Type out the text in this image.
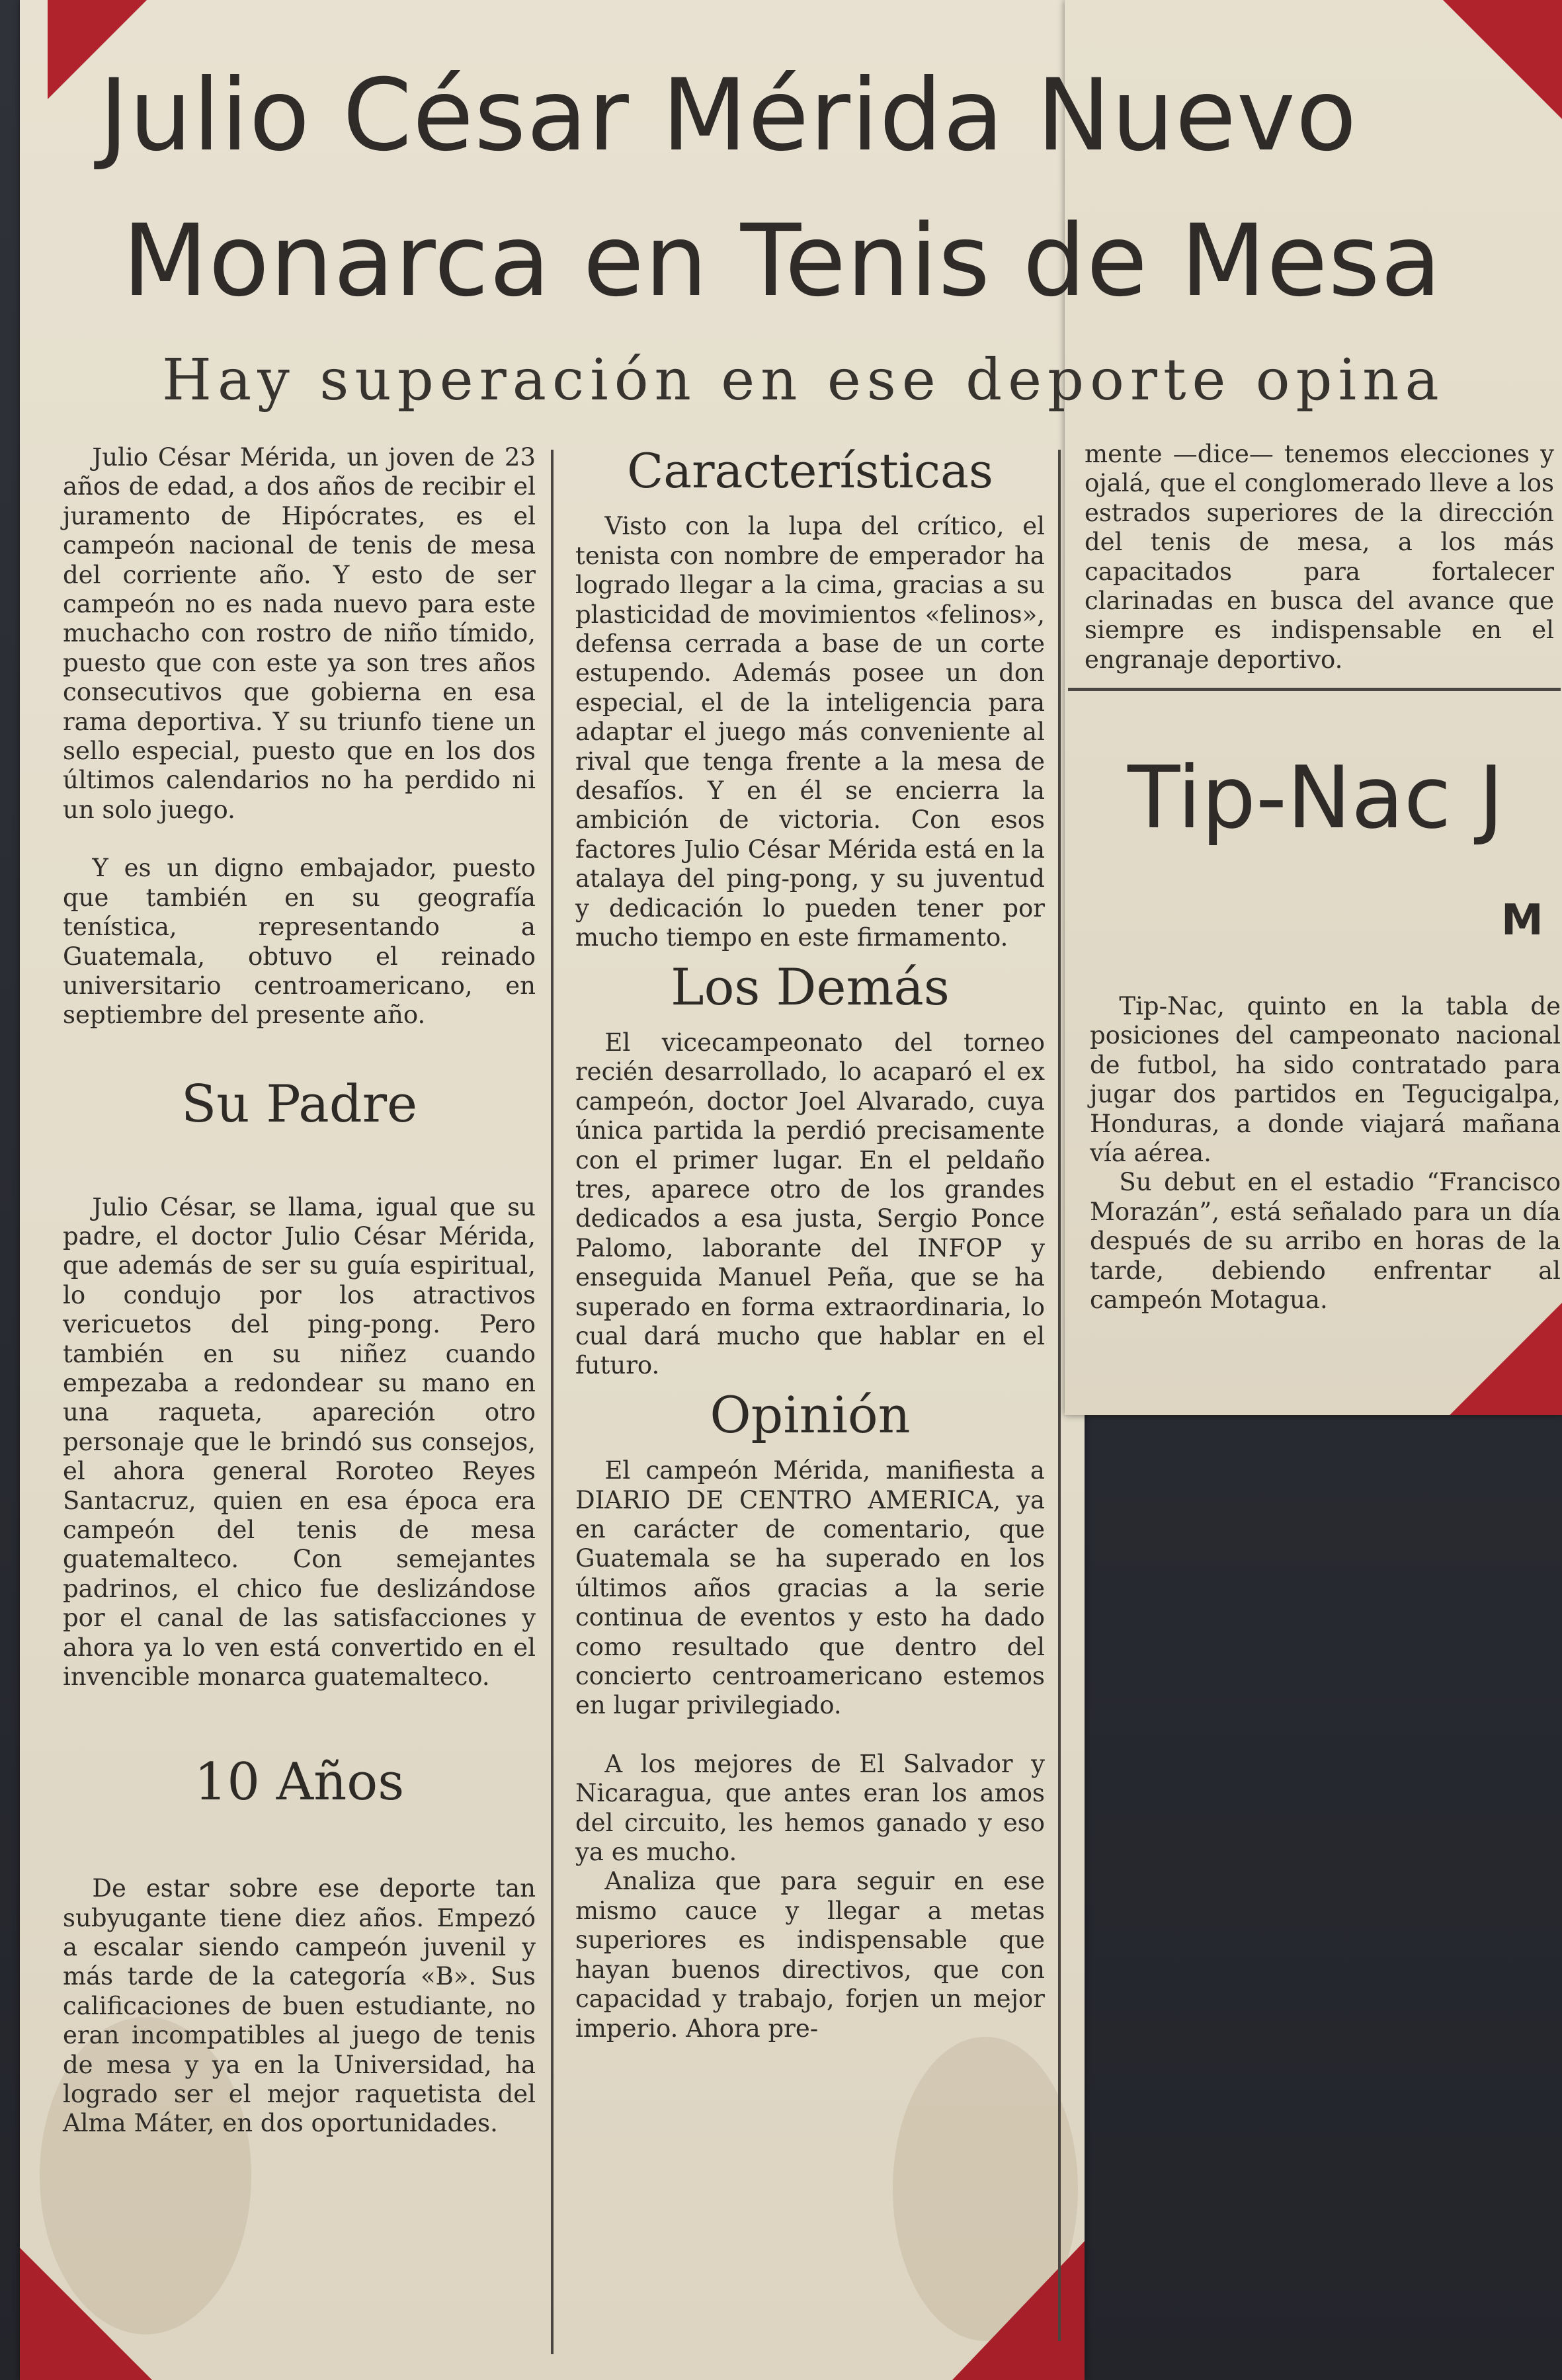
Julio César Mérida Nuevo
Monarca en Tenis de Mesa
Hay superación en ese deporte opina

Julio César Mérida, un joven de 23 años de edad, a dos años de recibir el juramento de Hipócrates, es el campeón nacional de tenis de mesa del corriente año. Y esto de ser campeón no es nada nuevo para este muchacho con rostro de niño tímido, puesto que con este ya son tres años consecutivos que gobierna en esa rama deportiva. Y su triunfo tiene un sello especial, puesto que en los dos últimos calendarios no ha perdido ni un solo juego.

Y es un digno embajador, puesto que también en su geografía tenística, representando a Guatemala, obtuvo el reinado universitario centroamericano, en septiembre del presente año.

Su Padre

Julio César, se llama, igual que su padre, el doctor Julio César Mérida, que además de ser su guía espiritual, lo condujo por los atractivos vericuetos del ping-pong. Pero también en su niñez cuando empezaba a redondear su mano en una raqueta, apareción otro personaje que le brindó sus consejos, el ahora general Roroteo Reyes Santacruz, quien en esa época era campeón del tenis de mesa guatemalteco. Con semejantes padrinos, el chico fue deslizándose por el canal de las satisfacciones y ahora ya lo ven está convertido en el invencible monarca guatemalteco.

10 Años

De estar sobre ese deporte tan subyugante tiene diez años. Empezó a escalar siendo campeón juvenil y más tarde de la categoría «B». Sus calificaciones de buen estudiante, no eran incompatibles al juego de tenis de mesa y ya en la Universidad, ha logrado ser el mejor raquetista del Alma Máter, en dos oportunidades.

Características

Visto con la lupa del crítico, el tenista con nombre de emperador ha logrado llegar a la cima, gracias a su plasticidad de movimientos «felinos», defensa cerrada a base de un corte estupendo. Además posee un don especial, el de la inteligencia para adaptar el juego más conveniente al rival que tenga frente a la mesa de desafíos. Y en él se encierra la ambición de victoria. Con esos factores Julio César Mérida está en la atalaya del ping-pong, y su juventud y dedicación lo pueden tener por mucho tiempo en este firmamento.

Los Demás

El vicecampeonato del torneo recién desarrollado, lo acaparó el ex campeón, doctor Joel Alvarado, cuya única partida la perdió precisamente con el primer lugar. En el peldaño tres, aparece otro de los grandes dedicados a esa justa, Sergio Ponce Palomo, laborante del INFOP y enseguida Manuel Peña, que se ha superado en forma extraordinaria, lo cual dará mucho que hablar en el futuro.

Opinión

El campeón Mérida, manifiesta a DIARIO DE CENTRO AMERICA, ya en carácter de comentario, que Guatemala se ha superado en los últimos años gracias a la serie continua de eventos y esto ha dado como resultado que dentro del concierto centroamericano estemos en lugar privilegiado.

A los mejores de El Salvador y Nicaragua, que antes eran los amos del circuito, les hemos ganado y eso ya es mucho.

Analiza que para seguir en ese mismo cauce y llegar a metas superiores es indispensable que hayan buenos directivos, que con capacidad y trabajo, forjen un mejor imperio. Ahora pre-

mente —dice— tenemos elecciones y ojalá, que el conglomerado lleve a los estrados superiores de la dirección del tenis de mesa, a los más capacitados para fortalecer clarinadas en busca del avance que siempre es indispensable en el engranaje deportivo.

Tip-Nac J
M

Tip-Nac, quinto en la tabla de posiciones del campeonato nacional de futbol, ha sido contratado para jugar dos partidos en Tegucigalpa, Honduras, a donde viajará mañana vía aérea.

Su debut en el estadio “Francisco Morazán”, está señalado para un día después de su arribo en horas de la tarde, debiendo enfrentar al campeón Motagua.
